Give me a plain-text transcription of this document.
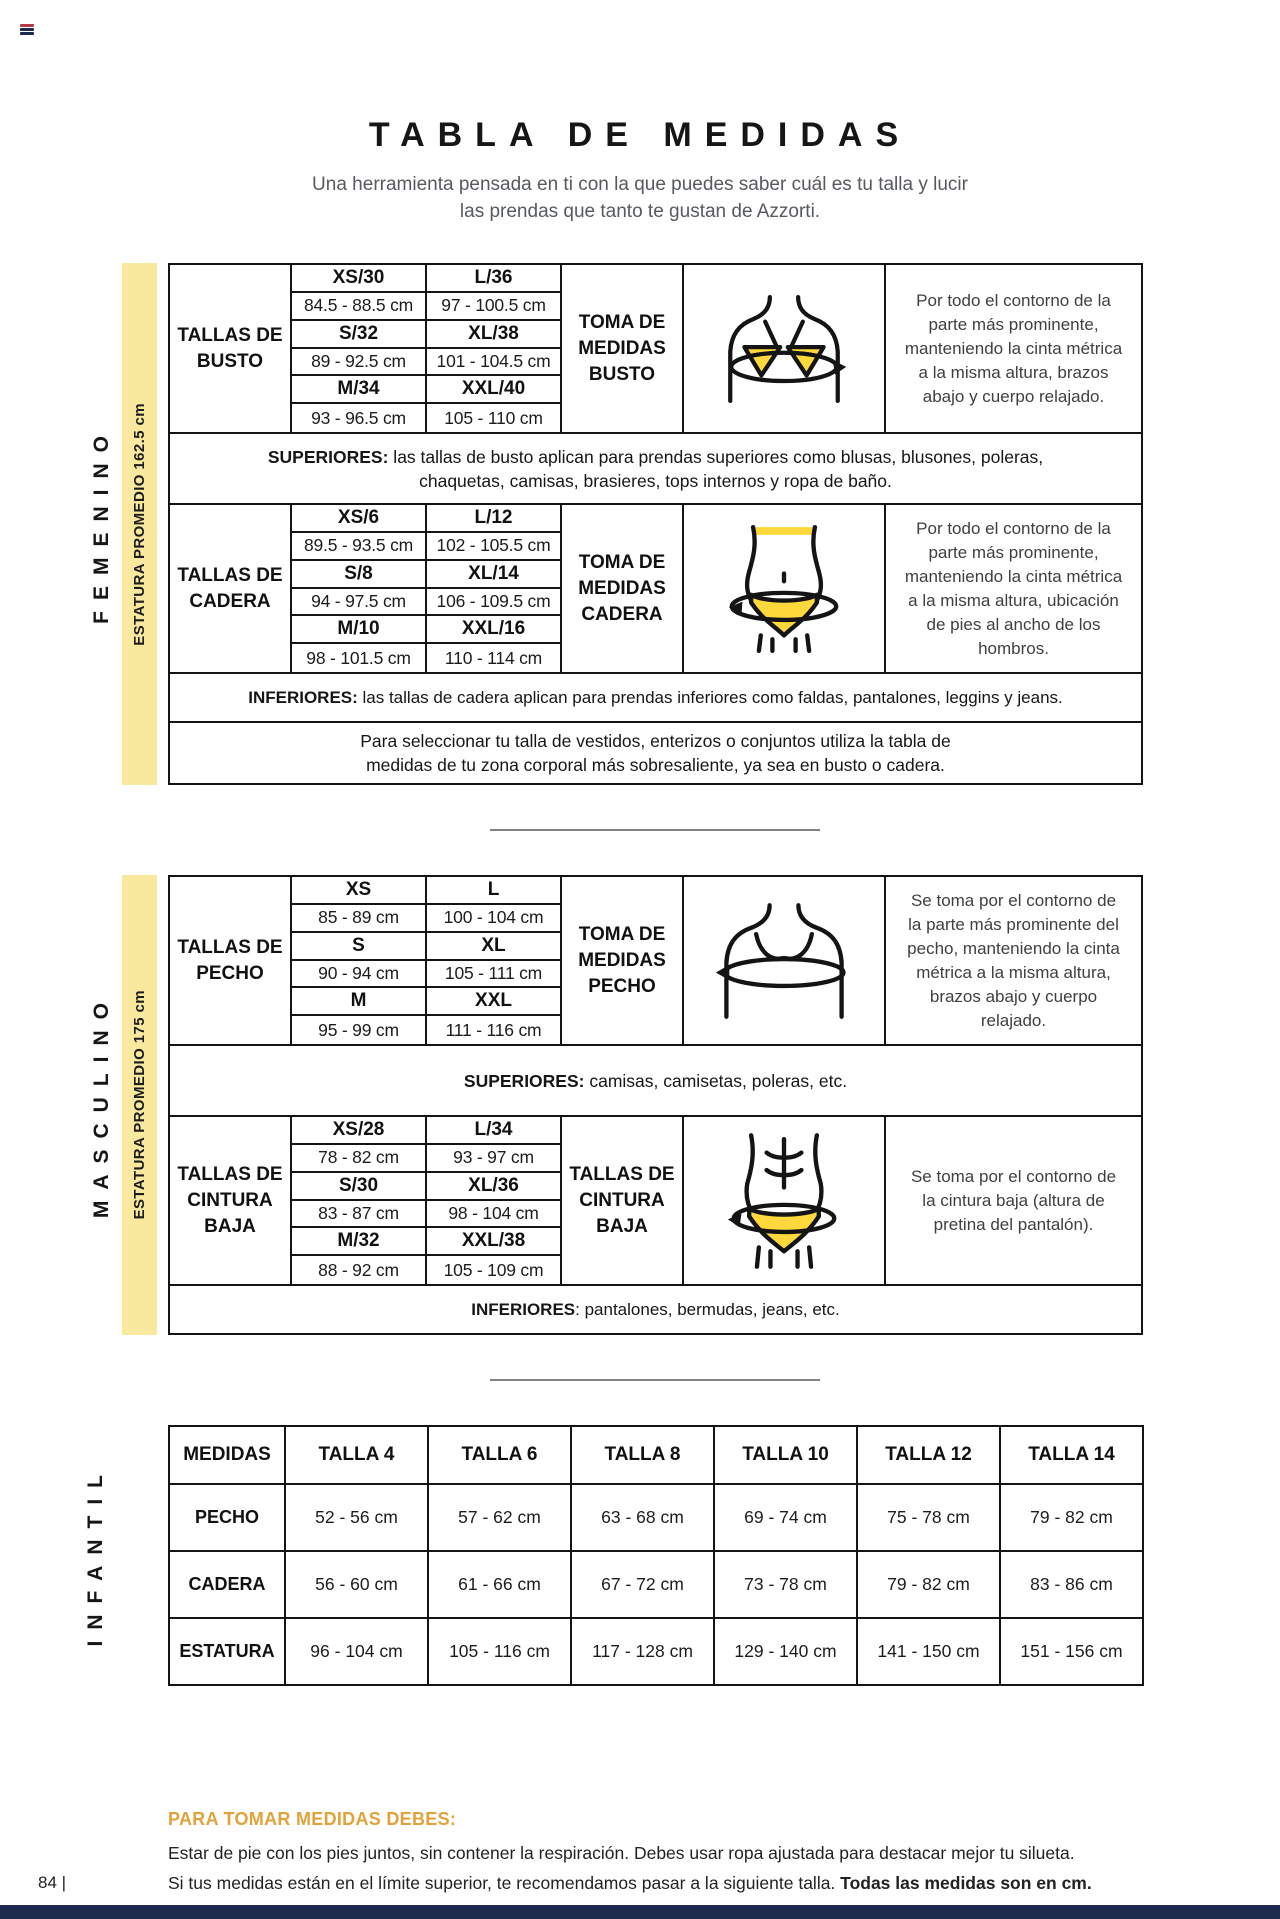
TABLA DE MEDIDAS
Una herramienta pensada en ti con la que puedes saber cuál es tu talla y lucir las prendas que tanto te gustan de Azzorti.
FEMENINO ESTATURA PROMEDIO 162.5 cm
TALLAS DE BUSTO
XS/30	L/36
84.5 - 88.5 cm	97 - 100.5 cm
S/32	XL/38
89 - 92.5 cm	101 - 104.5 cm
M/34	XXL/40
93 - 96.5 cm	105 - 110 cm
TOMA DE MEDIDAS BUSTO
Por todo el contorno de la parte más prominente, manteniendo la cinta métrica a la misma altura, brazos abajo y cuerpo relajado.

SUPERIORES: las tallas de busto aplican para prendas superiores como blusas, blusones, poleras, chaquetas, camisas, brasieres, tops internos y ropa de baño.

TALLAS DE CADERA
XS/6	L/12
89.5 - 93.5 cm	102 - 105.5 cm
S/8	XL/14
94 - 97.5 cm	106 - 109.5 cm
M/10	XXL/16
98 - 101.5 cm	110 - 114 cm
TOMA DE MEDIDAS CADERA
Por todo el contorno de la parte más prominente, manteniendo la cinta métrica a la misma altura, ubicación de pies al ancho de los hombros.

INFERIORES: las tallas de cadera aplican para prendas inferiores como faldas, pantalones, leggins y jeans.

Para seleccionar tu talla de vestidos, enterizos o conjuntos utiliza la tabla de medidas de tu zona corporal más sobresaliente, ya sea en busto o cadera.

MASCULINO ESTATURA PROMEDIO 175 cm
TALLAS DE PECHO
XS	L
85 - 89 cm	100 - 104 cm
S	XL
90 - 94 cm	105 - 111 cm
M	XXL
95 - 99 cm	111 - 116 cm
TOMA DE MEDIDAS PECHO
Se toma por el contorno de la parte más prominente del pecho, manteniendo la cinta métrica a la misma altura, brazos abajo y cuerpo relajado.

SUPERIORES: camisas, camisetas, poleras, etc.

TALLAS DE CINTURA BAJA
XS/28	L/34
78 - 82 cm	93 - 97 cm
S/30	XL/36
83 - 87 cm	98 - 104 cm
M/32	XXL/38
88 - 92 cm	105 - 109 cm
TALLAS DE CINTURA BAJA
Se toma por el contorno de la cintura baja (altura de pretina del pantalón).

INFERIORES: pantalones, bermudas, jeans, etc.

INFANTIL
MEDIDAS	TALLA 4	TALLA 6	TALLA 8	TALLA 10	TALLA 12	TALLA 14
PECHO	52 - 56 cm	57 - 62 cm	63 - 68 cm	69 - 74 cm	75 - 78 cm	79 - 82 cm
CADERA	56 - 60 cm	61 - 66 cm	67 - 72 cm	73 - 78 cm	79 - 82 cm	83 - 86 cm
ESTATURA	96 - 104 cm	105 - 116 cm	117 - 128 cm	129 - 140 cm	141 - 150 cm	151 - 156 cm

PARA TOMAR MEDIDAS DEBES:

Estar de pie con los pies juntos, sin contener la respiración. Debes usar ropa ajustada para destacar mejor tu silueta.

Si tus medidas están en el límite superior, te recomendamos pasar a la siguiente talla. Todas las medidas son en cm.

84 |
